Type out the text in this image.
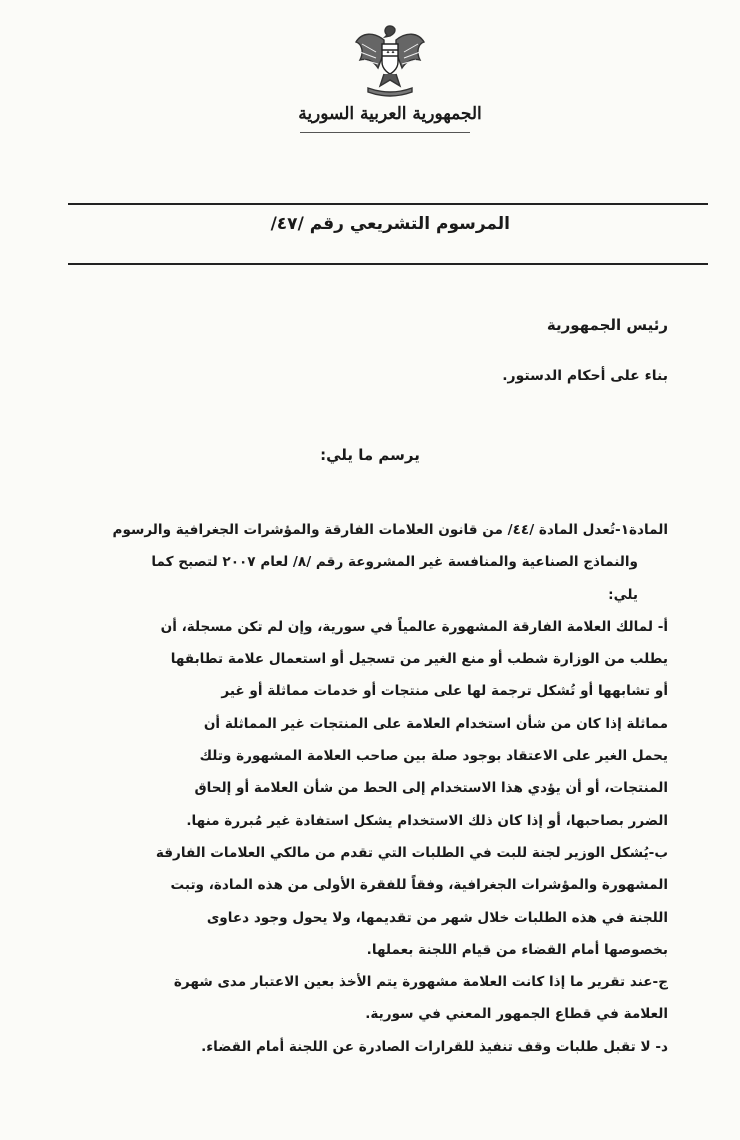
الجمهورية العربية السورية
المرسوم التشريعي رقم /٤٧/
رئيس الجمهورية
بناء على أحكام الدستور.
يرسم ما يلي:

المادة١-تُعدل المادة /٤٤/ من قانون العلامات الفارقة والمؤشرات الجغرافية والرسوم

والنماذج الصناعية والمنافسة غير المشروعة رقم /٨/ لعام ٢٠٠٧ لتصبح كما

يلي:

أ- لمالك العلامة الفارقة المشهورة عالمياً في سورية، وإن لم تكن مسجلة، أن

يطلب من الوزارة شطب أو منع الغير من تسجيل أو استعمال علامة تطابقها

أو تشابهها أو تُشكل ترجمة لها على منتجات أو خدمات مماثلة أو غير

مماثلة إذا كان من شأن استخدام العلامة على المنتجات غير المماثلة أن

يحمل الغير على الاعتقاد بوجود صلة بين صاحب العلامة المشهورة وتلك

المنتجات، أو أن يؤدي هذا الاستخدام إلى الحط من شأن العلامة أو إلحاق

الضرر بصاحبها، أو إذا كان ذلك الاستخدام يشكل استفادة غير مُبررة منها.

ب-يُشكل الوزير لجنة للبت في الطلبات التي تقدم من مالكي العلامات الفارقة

المشهورة والمؤشرات الجغرافية، وفقاً للفقرة الأولى من هذه المادة، وتبت

اللجنة في هذه الطلبات خلال شهر من تقديمها، ولا يحول وجود دعاوى

بخصوصها أمام القضاء من قيام اللجنة بعملها.

ج-عند تقرير ما إذا كانت العلامة مشهورة يتم الأخذ بعين الاعتبار مدى شهرة

العلامة في قطاع الجمهور المعني في سورية.

د- لا تقبل طلبات وقف تنفيذ للقرارات الصادرة عن اللجنة أمام القضاء.
